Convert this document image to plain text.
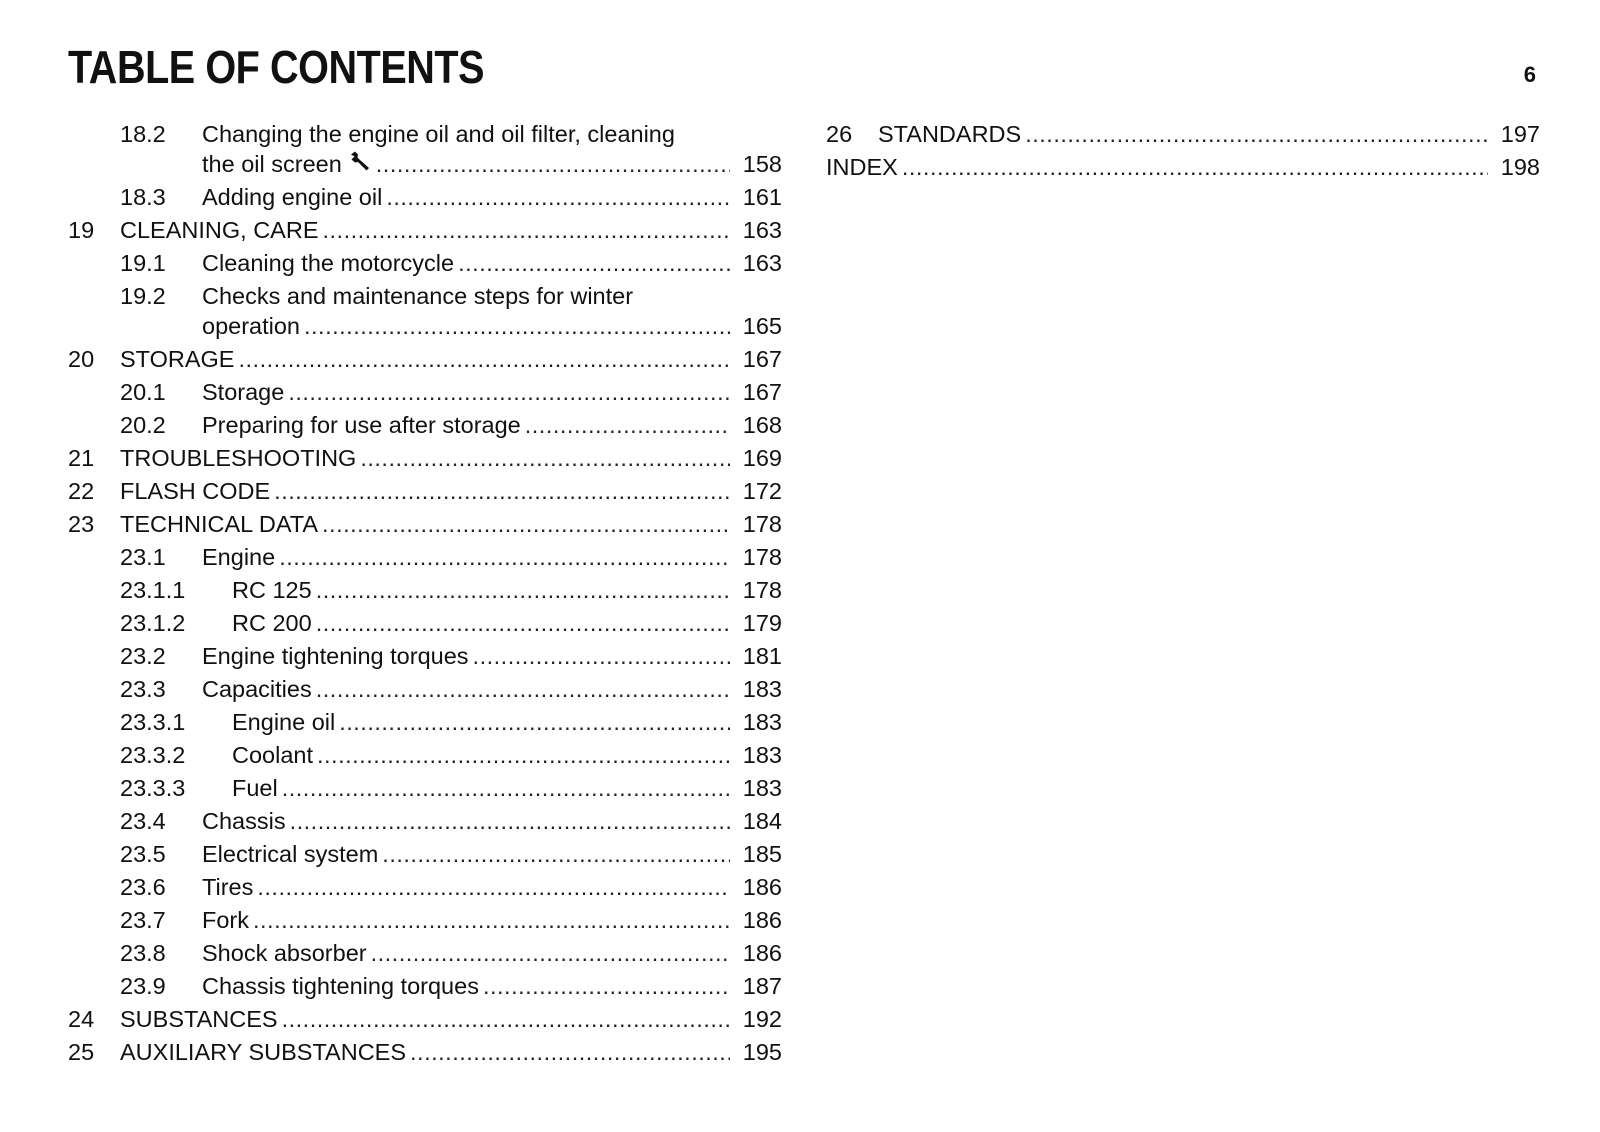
TABLE OF CONTENTS	6
18.2 Changing the engine oil and oil filter, cleaning
the oil screen .....	158
18.3 Adding engine oil .....	161
19 CLEANING, CARE .....	163
19.1 Cleaning the motorcycle .....	163
19.2 Checks and maintenance steps for winter
operation .....	165
20 STORAGE .....	167
20.1 Storage .....	167
20.2 Preparing for use after storage .....	168
21 TROUBLESHOOTING .....	169
22 FLASH CODE .....	172
23 TECHNICAL DATA .....	178
23.1 Engine .....	178
23.1.1 RC 125 .....	178
23.1.2 RC 200 .....	179
23.2 Engine tightening torques .....	181
23.3 Capacities .....	183
23.3.1 Engine oil .....	183
23.3.2 Coolant .....	183
23.3.3 Fuel .....	183
23.4 Chassis .....	184
23.5 Electrical system .....	185
23.6 Tires .....	186
23.7 Fork .....	186
23.8 Shock absorber .....	186
23.9 Chassis tightening torques .....	187
24 SUBSTANCES .....	192
25 AUXILIARY SUBSTANCES .....	195
26 STANDARDS .....	197
INDEX .....	198
